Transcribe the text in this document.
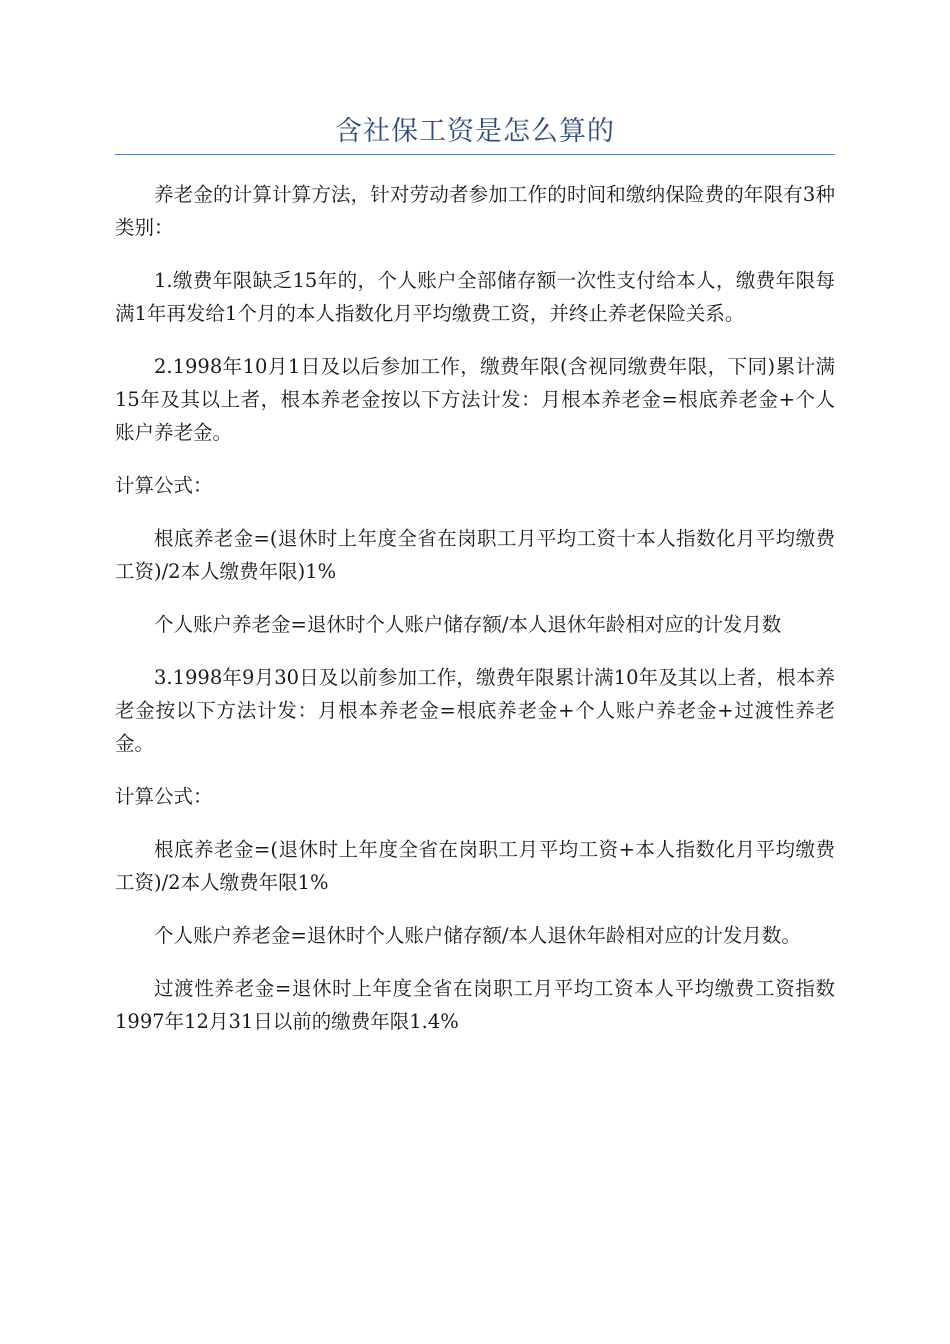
含社保工资是怎么算的

养老金的计算计算方法，针对劳动者参加工作的时间和缴纳保险费的年限有3种类别：

1.缴费年限缺乏15年的，个人账户全部储存额一次性支付给本人，缴费年限每满1年再发给1个月的本人指数化月平均缴费工资，并终止养老保险关系。

2.1998年10月1日及以后参加工作，缴费年限(含视同缴费年限，下同)累计满15年及其以上者，根本养老金按以下方法计发：月根本养老金=根底养老金+个人账户养老金。

计算公式：

根底养老金=(退休时上年度全省在岗职工月平均工资十本人指数化月平均缴费工资)/2本人缴费年限)1%

个人账户养老金=退休时个人账户储存额/本人退休年龄相对应的计发月数

3.1998年9月30日及以前参加工作，缴费年限累计满10年及其以上者，根本养老金按以下方法计发：月根本养老金=根底养老金+个人账户养老金+过渡性养老金。

计算公式：

根底养老金=(退休时上年度全省在岗职工月平均工资+本人指数化月平均缴费工资)/2本人缴费年限1%

个人账户养老金=退休时个人账户储存额/本人退休年龄相对应的计发月数。

过渡性养老金=退休时上年度全省在岗职工月平均工资本人平均缴费工资指数1997年12月31日以前的缴费年限1.4%
